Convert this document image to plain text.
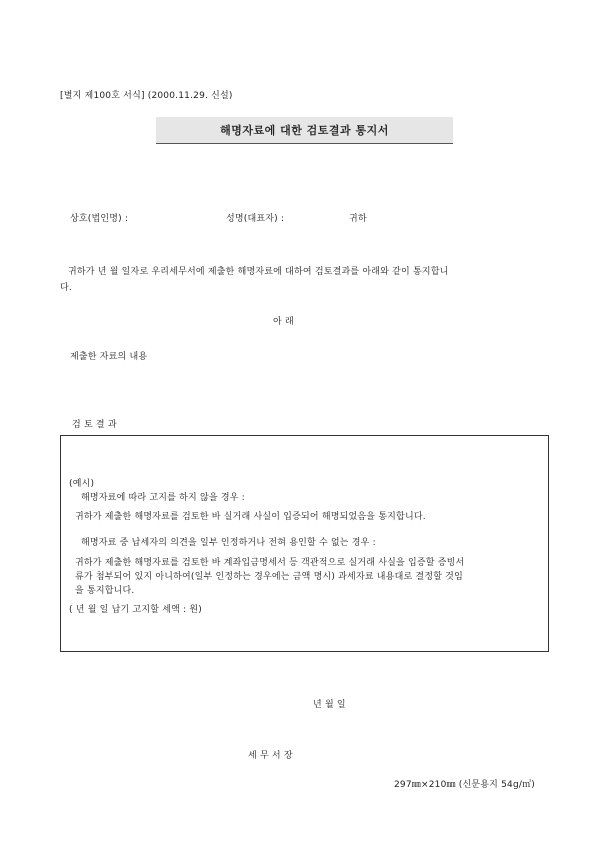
[별지 제100호 서식] (2000.11.29. 신설)
해명자료에 대한 검토결과 통지서
상호(법인명) :	성명(대표자) :	귀하
귀하가 년 월 일자로 우리세무서에 제출한 해명자료에 대하여 검토결과를 아래와 같이 통지합니
다.
아 래
제출한 자료의 내용
검 토 결 과
(예시)
해명자료에 따라 고지를 하지 않을 경우 :
귀하가 제출한 해명자료를 검토한 바 실거래 사실이 입증되어 해명되었음을 통지합니다.
해명자료 중 납세자의 의견을 일부 인정하거나 전혀 용인할 수 없는 경우 :
귀하가 제출한 해명자료를 검토한 바 계좌입금명세서 등 객관적으로 실거래 사실을 입증할 증빙서
류가 첨부되어 있지 아니하여(일부 인정하는 경우에는 금액 명시) 과세자료 내용대로 결정할 것임
을 통지합니다.
( 년 월 일 납기 고지할 세액 : 원)
년 월 일
세 무 서 장
297㎜×210㎜ (신문용지 54g/㎡)
